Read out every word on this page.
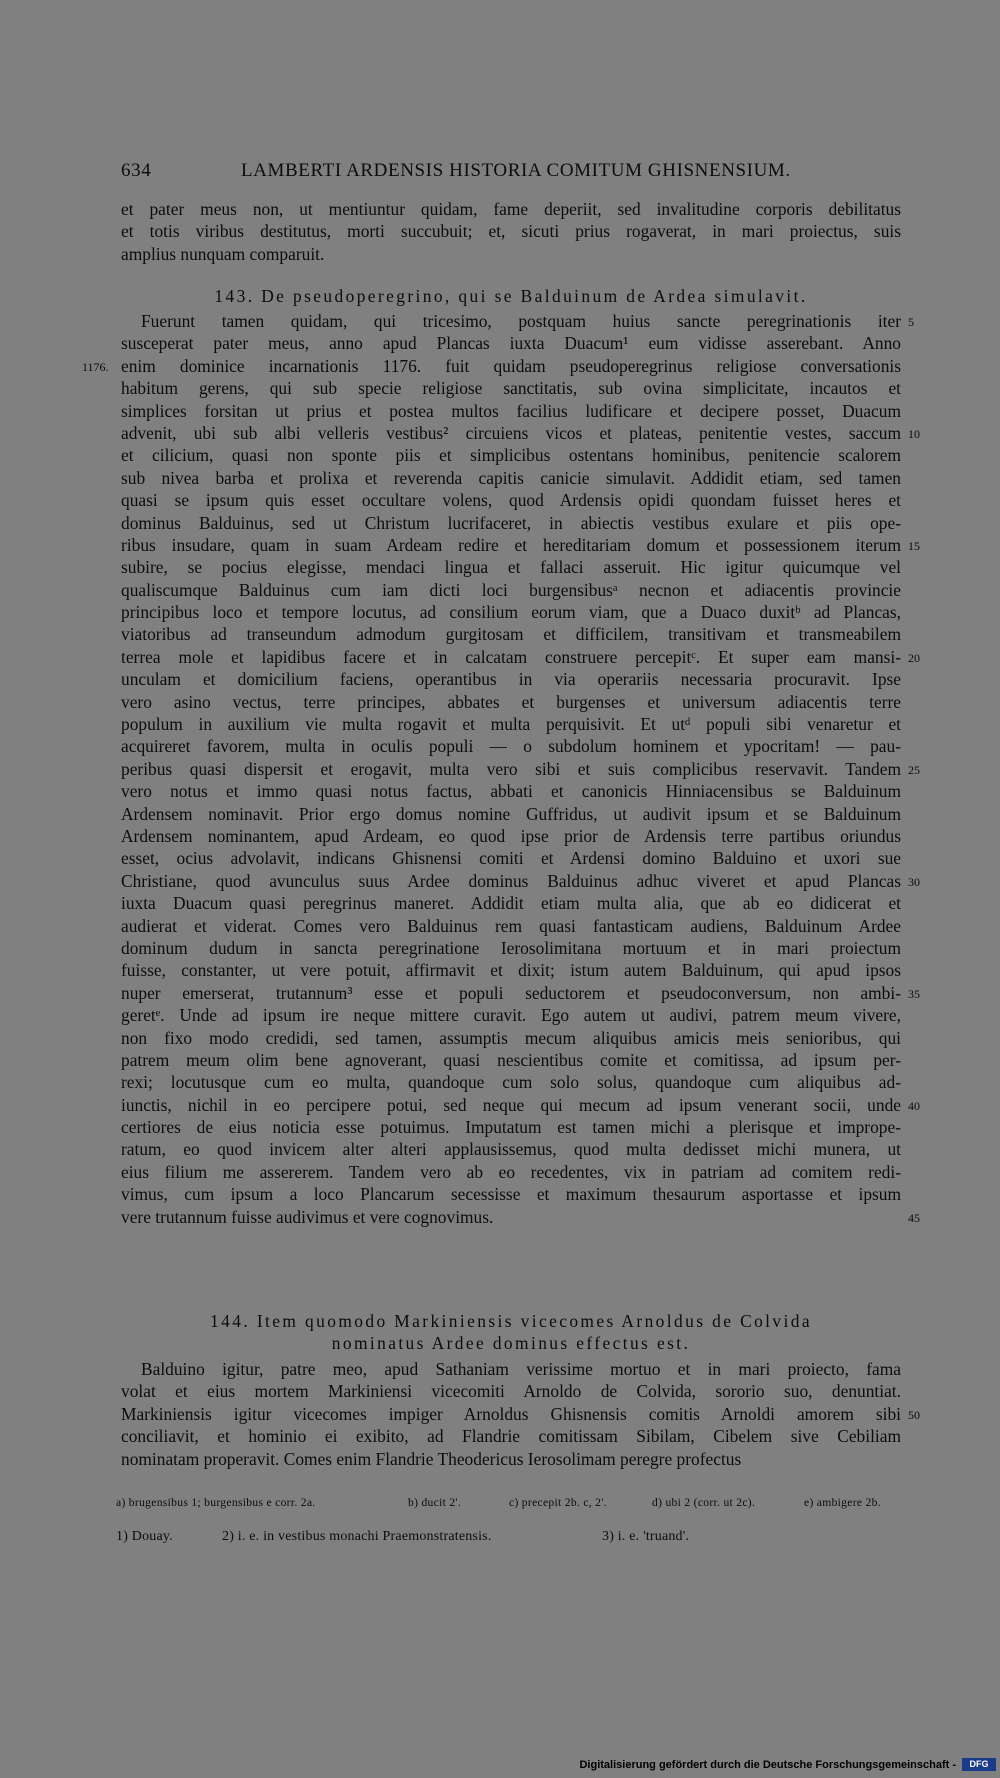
634	LAMBERTI ARDENSIS HISTORIA COMITUM GHISNENSIUM.
et pater meus non, ut mentiuntur quidam, fame deperiit, sed invalitudine corporis debilitatus
et totis viribus destitutus, morti succubuit; et, sicuti prius rogaverat, in mari proiectus, suis
amplius nunquam comparuit.
143. De pseudoperegrino, qui se Balduinum de Ardea simulavit.
Fuerunt tamen quidam, qui tricesimo, postquam huius sancte peregrinationis iter 5
susceperat pater meus, anno apud Plancas iuxta Duacum¹ eum vidisse asserebant. Anno
enim dominice incarnationis 1176. fuit quidam pseudoperegrinus religiose conversationis
1176.
habitum gerens, qui sub specie religiose sanctitatis, sub ovina simplicitate, incautos et
simplices forsitan ut prius et postea multos facilius ludificare et decipere posset, Duacum
advenit, ubi sub albi velleris vestibus² circuiens vicos et plateas, penitentie vestes, saccum 10
et cilicium, quasi non sponte piis et simplicibus ostentans hominibus, penitencie scalorem
sub nivea barba et prolixa et reverenda capitis canicie simulavit. Addidit etiam, sed tamen
quasi se ipsum quis esset occultare volens, quod Ardensis opidi quondam fuisset heres et
dominus Balduinus, sed ut Christum lucrifaceret, in abiectis vestibus exulare et piis ope-
ribus insudare, quam in suam Ardeam redire et hereditariam domum et possessionem iterum 15
subire, se pocius elegisse, mendaci lingua et fallaci asseruit. Hic igitur quicumque vel
qualiscumque Balduinus cum iam dicti loci burgensibusᵃ necnon et adiacentis provincie
principibus loco et tempore locutus, ad consilium eorum viam, que a Duaco duxitᵇ ad Plancas,
viatoribus ad transeundum admodum gurgitosam et difficilem, transitivam et transmeabilem
terrea mole et lapidibus facere et in calcatam construere percepitᶜ. Et super eam mansi- 20
unculam et domicilium faciens, operantibus in via operariis necessaria procuravit. Ipse
vero asino vectus, terre principes, abbates et burgenses et universum adiacentis terre
populum in auxilium vie multa rogavit et multa perquisivit. Et utᵈ populi sibi venaretur et
acquireret favorem, multa in oculis populi — o subdolum hominem et ypocritam! — pau-
peribus quasi dispersit et erogavit, multa vero sibi et suis complicibus reservavit. Tandem 25
vero notus et immo quasi notus factus, abbati et canonicis Hinniacensibus se Balduinum
Ardensem nominavit. Prior ergo domus nomine Guffridus, ut audivit ipsum et se Balduinum
Ardensem nominantem, apud Ardeam, eo quod ipse prior de Ardensis terre partibus oriundus
esset, ocius advolavit, indicans Ghisnensi comiti et Ardensi domino Balduino et uxori sue
Christiane, quod avunculus suus Ardee dominus Balduinus adhuc viveret et apud Plancas 30
iuxta Duacum quasi peregrinus maneret. Addidit etiam multa alia, que ab eo didicerat et
audierat et viderat. Comes vero Balduinus rem quasi fantasticam audiens, Balduinum Ardee
dominum dudum in sancta peregrinatione Ierosolimitana mortuum et in mari proiectum
fuisse, constanter, ut vere potuit, affirmavit et dixit; istum autem Balduinum, qui apud ipsos
nuper emerserat, trutannum³ esse et populi seductorem et pseudoconversum, non ambi- 35
geretᵉ. Unde ad ipsum ire neque mittere curavit. Ego autem ut audivi, patrem meum vivere,
non fixo modo credidi, sed tamen, assumptis mecum aliquibus amicis meis senioribus, qui
patrem meum olim bene agnoverant, quasi nescientibus comite et comitissa, ad ipsum per-
rexi; locutusque cum eo multa, quandoque cum solo solus, quandoque cum aliquibus ad-
iunctis, nichil in eo percipere potui, sed neque qui mecum ad ipsum venerant socii, unde 40
certiores de eius noticia esse potuimus. Imputatum est tamen michi a plerisque et imprope-
ratum, eo quod invicem alter alteri applausissemus, quod multa dedisset michi munera, ut
eius filium me assererem. Tandem vero ab eo recedentes, vix in patriam ad comitem redi-
vimus, cum ipsum a loco Plancarum secessisse et maximum thesaurum asportasse et ipsum
vere trutannum fuisse audivimus et vere cognovimus.	45
144. Item quomodo Markiniensis vicecomes Arnoldus de Colvida
nominatus Ardee dominus effectus est.
Balduino igitur, patre meo, apud Sathaniam verissime mortuo et in mari proiecto, fama
volat et eius mortem Markiniensi vicecomiti Arnoldo de Colvida, sororio suo, denuntiat.
Markiniensis igitur vicecomes impiger Arnoldus Ghisnensis comitis Arnoldi amorem sibi 50
conciliavit, et hominio ei exibito, ad Flandrie comitissam Sibilam, Cibelem sive Cebiliam
nominatam properavit. Comes enim Flandrie Theodericus Ierosolimam peregre profectus
a) brugensibus 1; burgensibus e corr. 2a.	b) ducit 2'.	c) precepit 2b. c, 2'.	d) ubi 2 (corr. ut 2c).	e) ambigere 2b.
1) Douay.	2) i. e. in vestibus monachi Praemonstratensis.	3) i. e. 'truand'.
Digitalisierung gefördert durch die Deutsche Forschungsgemeinschaft -	DFG
